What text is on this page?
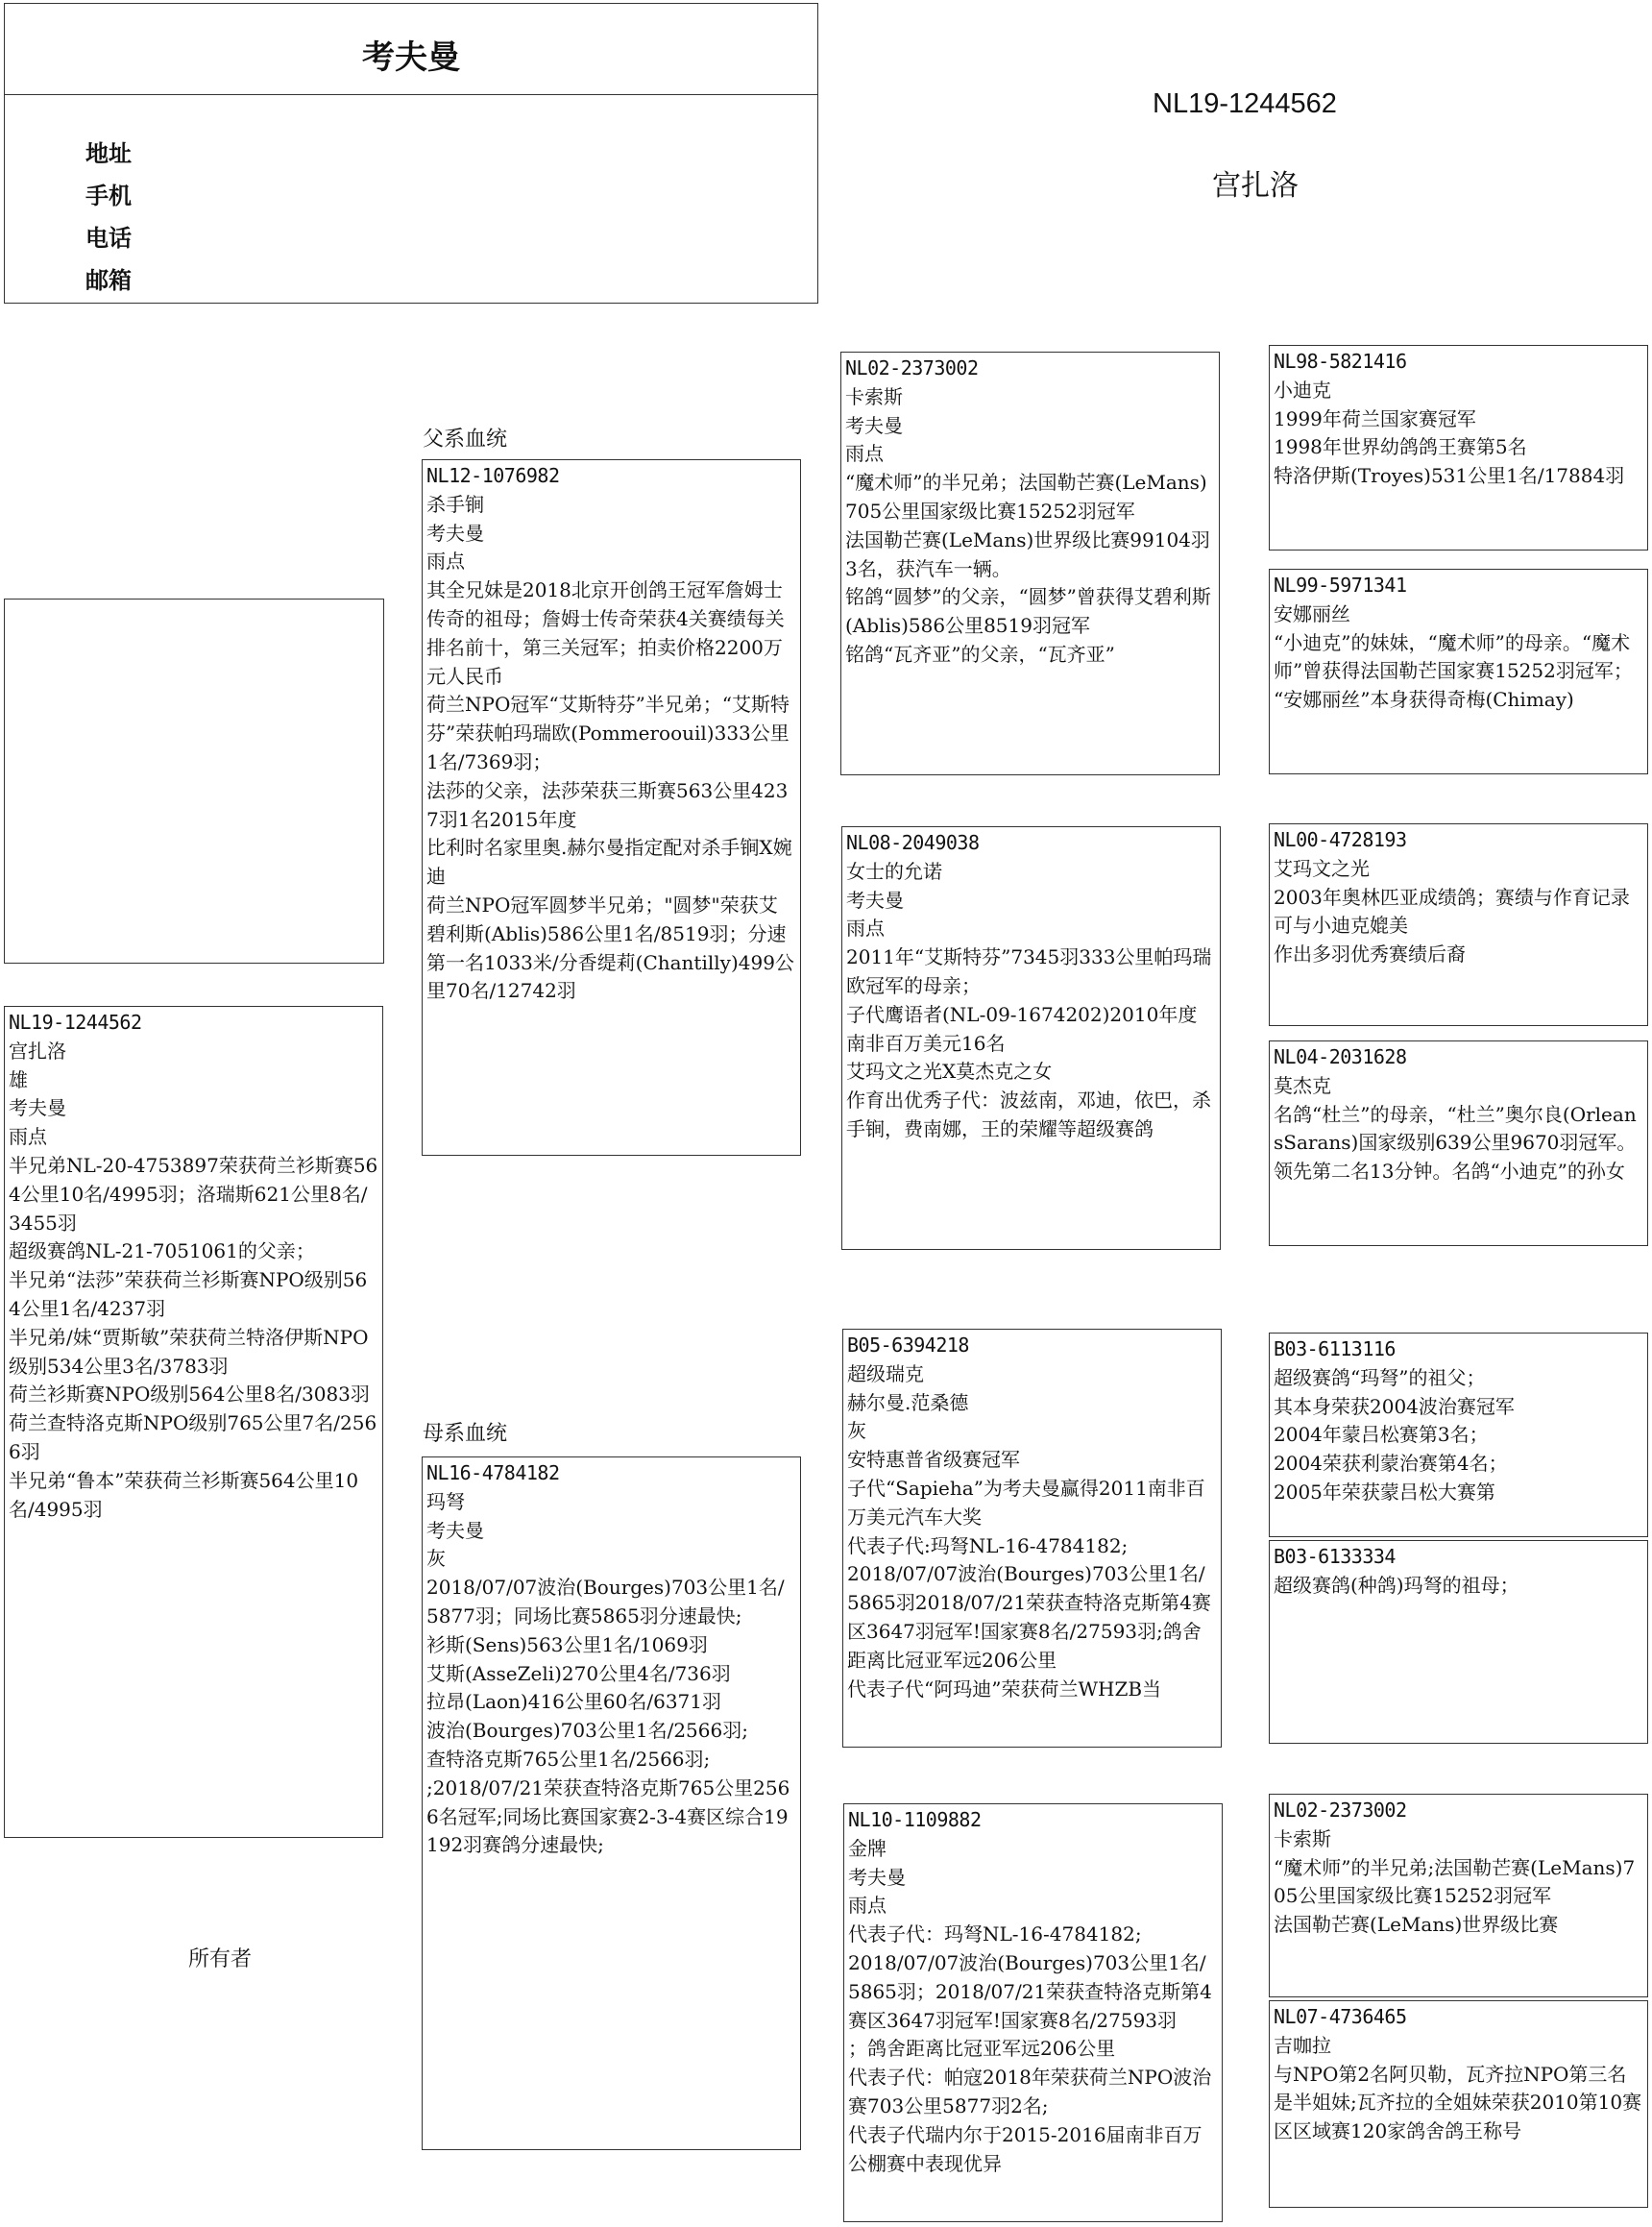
考夫曼
地址
手机
电话
邮箱
NL19-1244562
宫扎洛
父系血统
母系血统
所有者
NL19-1244562
宫扎洛
雄
考夫曼
雨点
半兄弟NL-20-4753897荣获荷兰衫斯赛564公里10名/4995羽；洛瑞斯621公里8名/3455羽
超级赛鸽NL-21-7051061的父亲；
半兄弟“法莎”荣获荷兰衫斯赛NPO级别564公里1名/4237羽
半兄弟/妹“贾斯敏”荣获荷兰特洛伊斯NPO级别534公里3名/3783羽
荷兰衫斯赛NPO级别564公里8名/3083羽
荷兰查特洛克斯NPO级别765公里7名/2566羽
半兄弟“鲁本”荣获荷兰衫斯赛564公里10名/4995羽
NL12-1076982
杀手锏
考夫曼
雨点
其全兄妹是2018北京开创鸽王冠军詹姆士传奇的祖母；詹姆士传奇荣获4关赛绩每关排名前十，第三关冠军；拍卖价格2200万元人民币
荷兰NPO冠军“艾斯特芬”半兄弟；“艾斯特芬”荣获帕玛瑞欧(Pommeroouil)333公里1名/7369羽；
法莎的父亲，法莎荣获三斯赛563公里4237羽1名2015年度
比利时名家里奥.赫尔曼指定配对杀手锏X婉迪
荷兰NPO冠军圆梦半兄弟；"圆梦"荣获艾碧利斯(Ablis)586公里1名/8519羽；分速第一名1033米/分香缇莉(Chantilly)499公里70名/12742羽
NL16-4784182
玛弩
考夫曼
灰
2018/07/07波治(Bourges)703公里1名/5877羽；同场比赛5865羽分速最快;
衫斯(Sens)563公里1名/1069羽
艾斯(AsseZeli)270公里4名/736羽
拉昂(Laon)416公里60名/6371羽
波治(Bourges)703公里1名/2566羽;
查特洛克斯765公里1名/2566羽;
;2018/07/21荣获查特洛克斯765公里2566名冠军;同场比赛国家赛2-3-4赛区综合19192羽赛鸽分速最快;
NL02-2373002
卡索斯
考夫曼
雨点
“魔术师”的半兄弟；法国勒芒赛(LeMans)705公里国家级比赛15252羽冠军
法国勒芒赛(LeMans)世界级比赛99104羽3名，获汽车一辆。
铭鸽“圆梦”的父亲，“圆梦”曾获得艾碧利斯(Ablis)586公里8519羽冠军
铭鸽“瓦齐亚”的父亲，“瓦齐亚”
NL08-2049038
女士的允诺
考夫曼
雨点
2011年“艾斯特芬”7345羽333公里帕玛瑞欧冠军的母亲；
子代鹰语者(NL-09-1674202)2010年度南非百万美元16名
艾玛文之光X莫杰克之女
作育出优秀子代：波兹南，邓迪，依巴，杀手锏，费南娜，王的荣耀等超级赛鸽
B05-6394218
超级瑞克
赫尔曼.范桑德
灰
安特惠普省级赛冠军
子代“Sapieha”为考夫曼赢得2011南非百万美元汽车大奖
代表子代:玛弩NL-16-4784182;
2018/07/07波治(Bourges)703公里1名/5865羽2018/07/21荣获查特洛克斯第4赛区3647羽冠军!国家赛8名/27593羽;鸽舍距离比冠亚军远206公里
代表子代“阿玛迪”荣获荷兰WHZB当
NL10-1109882
金牌
考夫曼
雨点
代表子代：玛弩NL-16-4784182;
2018/07/07波治(Bourges)703公里1名/5865羽；2018/07/21荣获查特洛克斯第4赛区3647羽冠军!国家赛8名/27593羽
；鸽舍距离比冠亚军远206公里
代表子代：帕寇2018年荣获荷兰NPO波治赛703公里5877羽2名;
代表子代瑞内尔于2015-2016届南非百万公棚赛中表现优异
NL98-5821416
小迪克
1999年荷兰国家赛冠军
1998年世界幼鸽鸽王赛第5名
特洛伊斯(Troyes)531公里1名/17884羽
NL99-5971341
安娜丽丝
“小迪克”的妹妹，“魔术师”的母亲。“魔术师”曾获得法国勒芒国家赛15252羽冠军；
“安娜丽丝”本身获得奇梅(Chimay)
NL00-4728193
艾玛文之光
2003年奥林匹亚成绩鸽；赛绩与作育记录可与小迪克媲美
作出多羽优秀赛绩后裔
NL04-2031628
莫杰克
名鸽“杜兰”的母亲，“杜兰”奥尔良(OrleansSarans)国家级别639公里9670羽冠军。领先第二名13分钟。名鸽“小迪克”的孙女
B03-6113116
超级赛鸽“玛弩”的祖父；
其本身荣获2004波治赛冠军
2004年蒙吕松赛第3名；
2004荣获利蒙治赛第4名；
2005年荣获蒙吕松大赛第
B03-6133334
超级赛鸽(种鸽)玛弩的祖母；
NL02-2373002
卡索斯
“魔术师”的半兄弟;法国勒芒赛(LeMans)705公里国家级比赛15252羽冠军
法国勒芒赛(LeMans)世界级比赛
NL07-4736465
吉咖拉
与NPO第2名阿贝勒，瓦齐拉NPO第三名是半姐妹;瓦齐拉的全姐妹荣获2010第10赛区区域赛120家鸽舍鸽王称号
